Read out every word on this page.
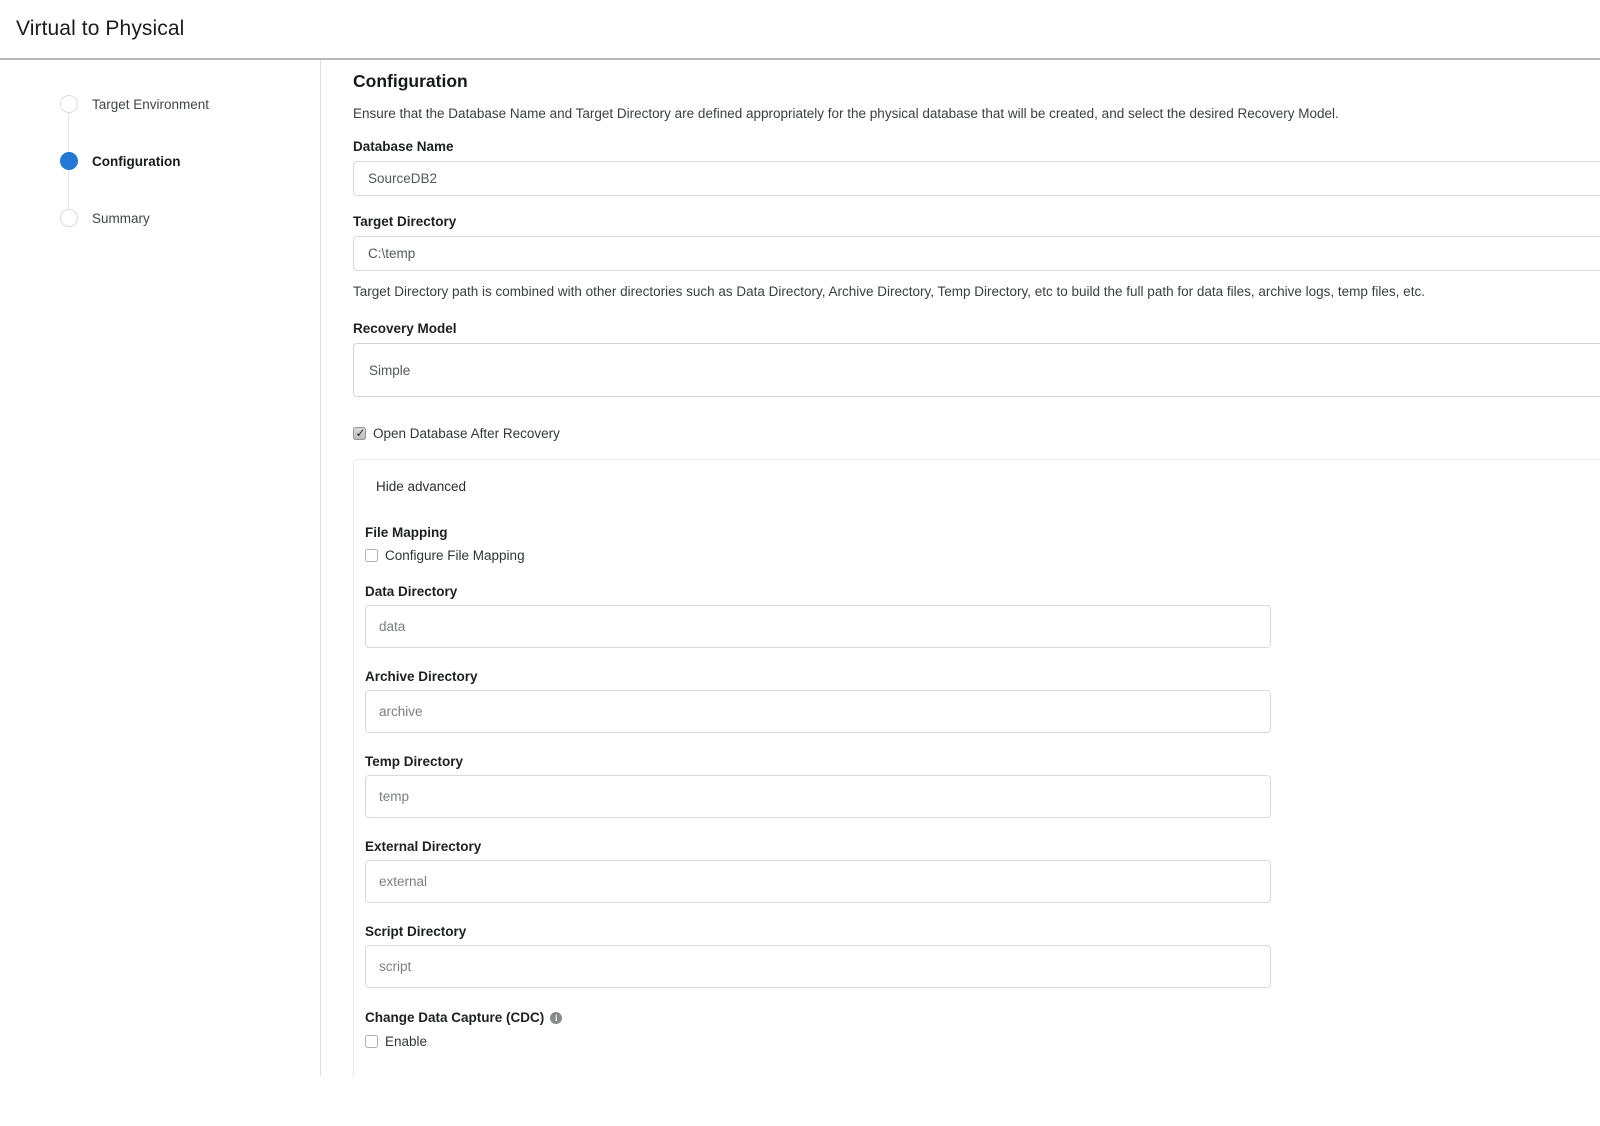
Virtual to Physical
Target Environment
Configuration
Summary
Configuration
Ensure that the Database Name and Target Directory are defined appropriately for the physical database that will be created, and select the desired Recovery Model.
Database Name
SourceDB2
Target Directory
C:\temp
Target Directory path is combined with other directories such as Data Directory, Archive Directory, Temp Directory, etc to build the full path for data files, archive logs, temp files, etc.
Recovery Model
Simple
✓
Open Database After Recovery
Hide advanced
File Mapping
Configure File Mapping
Data Directory
data
Archive Directory
archive
Temp Directory
temp
External Directory
external
Script Directory
script
Change Data Capture (CDC)	i
Enable
